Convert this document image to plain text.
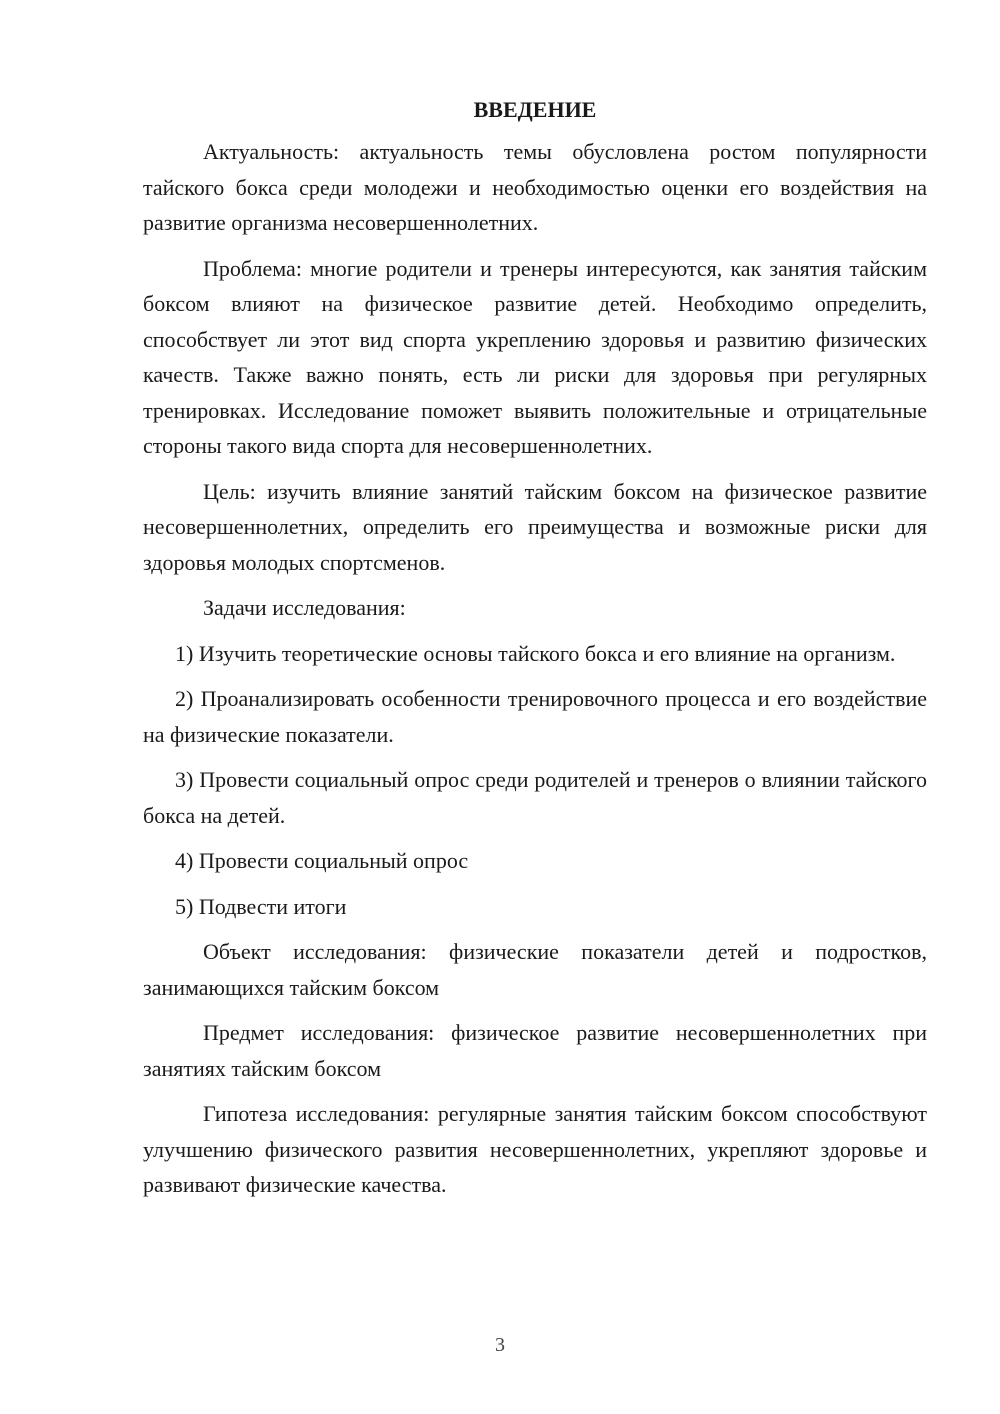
ВВЕДЕНИЕ

Актуальность: актуальность темы обусловлена ростом популярности тайского бокса среди молодежи и необходимостью оценки его воздействия на развитие организма несовершеннолетних.

Проблема: многие родители и тренеры интересуются, как занятия тайским боксом влияют на физическое развитие детей. Необходимо определить, способствует ли этот вид спорта укреплению здоровья и развитию физических качеств. Также важно понять, есть ли риски для здоровья при регулярных тренировках. Исследование поможет выявить положительные и отрицательные стороны такого вида спорта для несовершеннолетних.

Цель: изучить влияние занятий тайским боксом на физическое развитие несовершеннолетних, определить его преимущества и возможные риски для здоровья молодых спортсменов.

Задачи исследования:

1) Изучить теоретические основы тайского бокса и его влияние на организм.

2) Проанализировать особенности тренировочного процесса и его воздействие на физические показатели.

3) Провести социальный опрос среди родителей и тренеров о влиянии тайского бокса на детей.

4) Провести социальный опрос

5) Подвести итоги

Объект исследования: физические показатели детей и подростков, занимающихся тайским боксом

Предмет исследования: физическое развитие несовершеннолетних при занятиях тайским боксом

Гипотеза исследования: регулярные занятия тайским боксом способствуют улучшению физического развития несовершеннолетних, укрепляют здоровье и развивают физические качества.

3
